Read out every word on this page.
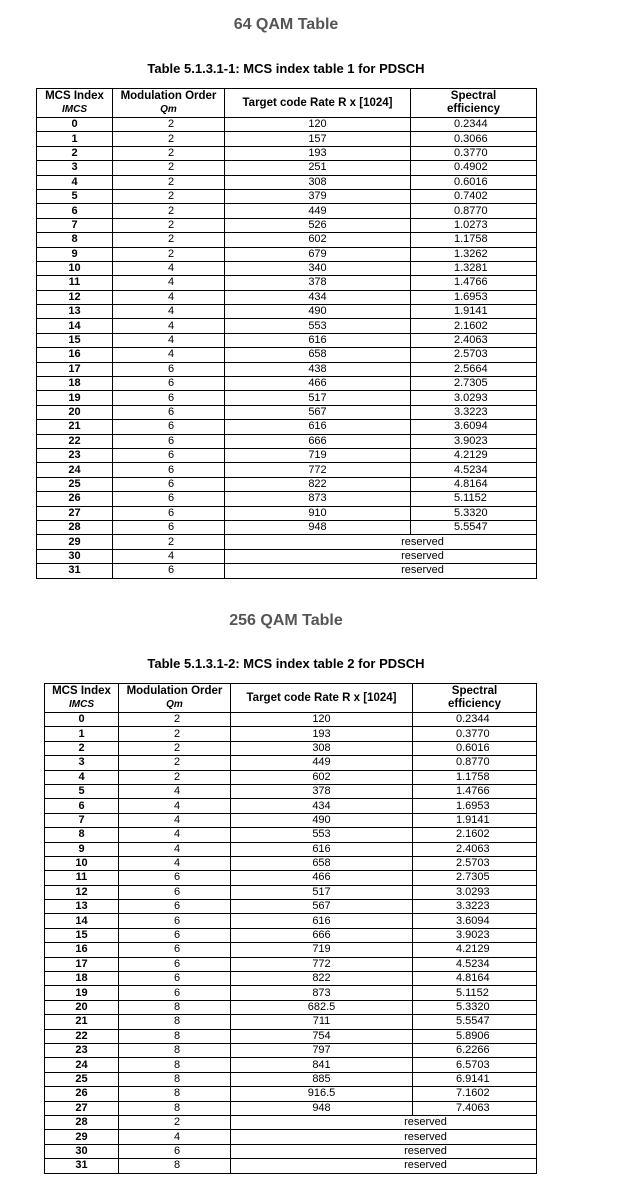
64 QAM Table
Table 5.1.3.1-1: MCS index table 1 for PDSCH
MCS Index
IMCS	Modulation Order
Qm	Target code Rate R x [1024]	Spectral
efficiency
0	2	120	0.2344
1	2	157	0.3066
2	2	193	0.3770
3	2	251	0.4902
4	2	308	0.6016
5	2	379	0.7402
6	2	449	0.8770
7	2	526	1.0273
8	2	602	1.1758
9	2	679	1.3262
10	4	340	1.3281
11	4	378	1.4766
12	4	434	1.6953
13	4	490	1.9141
14	4	553	2.1602
15	4	616	2.4063
16	4	658	2.5703
17	6	438	2.5664
18	6	466	2.7305
19	6	517	3.0293
20	6	567	3.3223
21	6	616	3.6094
22	6	666	3.9023
23	6	719	4.2129
24	6	772	4.5234
25	6	822	4.8164
26	6	873	5.1152
27	6	910	5.3320
28	6	948	5.5547
29	2	reserved	
30	4	reserved	
31	6	reserved	
256 QAM Table
Table 5.1.3.1-2: MCS index table 2 for PDSCH
MCS Index
IMCS	Modulation Order
Qm	Target code Rate R x [1024]	Spectral
efficiency
0	2	120	0.2344
1	2	193	0.3770
2	2	308	0.6016
3	2	449	0.8770
4	2	602	1.1758
5	4	378	1.4766
6	4	434	1.6953
7	4	490	1.9141
8	4	553	2.1602
9	4	616	2.4063
10	4	658	2.5703
11	6	466	2.7305
12	6	517	3.0293
13	6	567	3.3223
14	6	616	3.6094
15	6	666	3.9023
16	6	719	4.2129
17	6	772	4.5234
18	6	822	4.8164
19	6	873	5.1152
20	8	682.5	5.3320
21	8	711	5.5547
22	8	754	5.8906
23	8	797	6.2266
24	8	841	6.5703
25	8	885	6.9141
26	8	916.5	7.1602
27	8	948	7.4063
28	2	reserved	
29	4	reserved	
30	6	reserved	
31	8	reserved	
